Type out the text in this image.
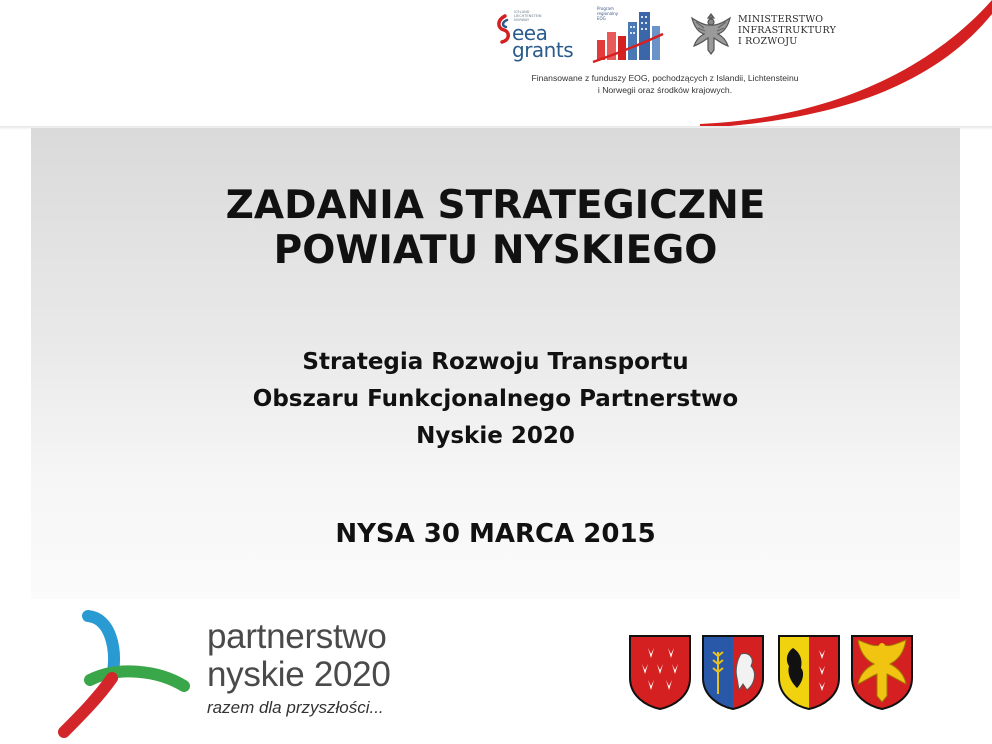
ICELAND LIECHTENSTEIN NORWAY
eea
grants
Program regionalny EOG	MINISTERSTWO
INFRASTRUKTURY
I ROZWOJU
Finansowane z funduszy EOG, pochodzących z Islandii, Lichtensteinu
i Norwegii oraz środków krajowych.
ZADANIA STRATEGICZNE
POWIATU NYSKIEGO
Strategia Rozwoju Transportu
Obszaru Funkcjonalnego Partnerstwo
Nyskie 2020
NYSA 30 MARCA 2015
partnerstwo
nyskie 2020
razem dla przyszłości...
